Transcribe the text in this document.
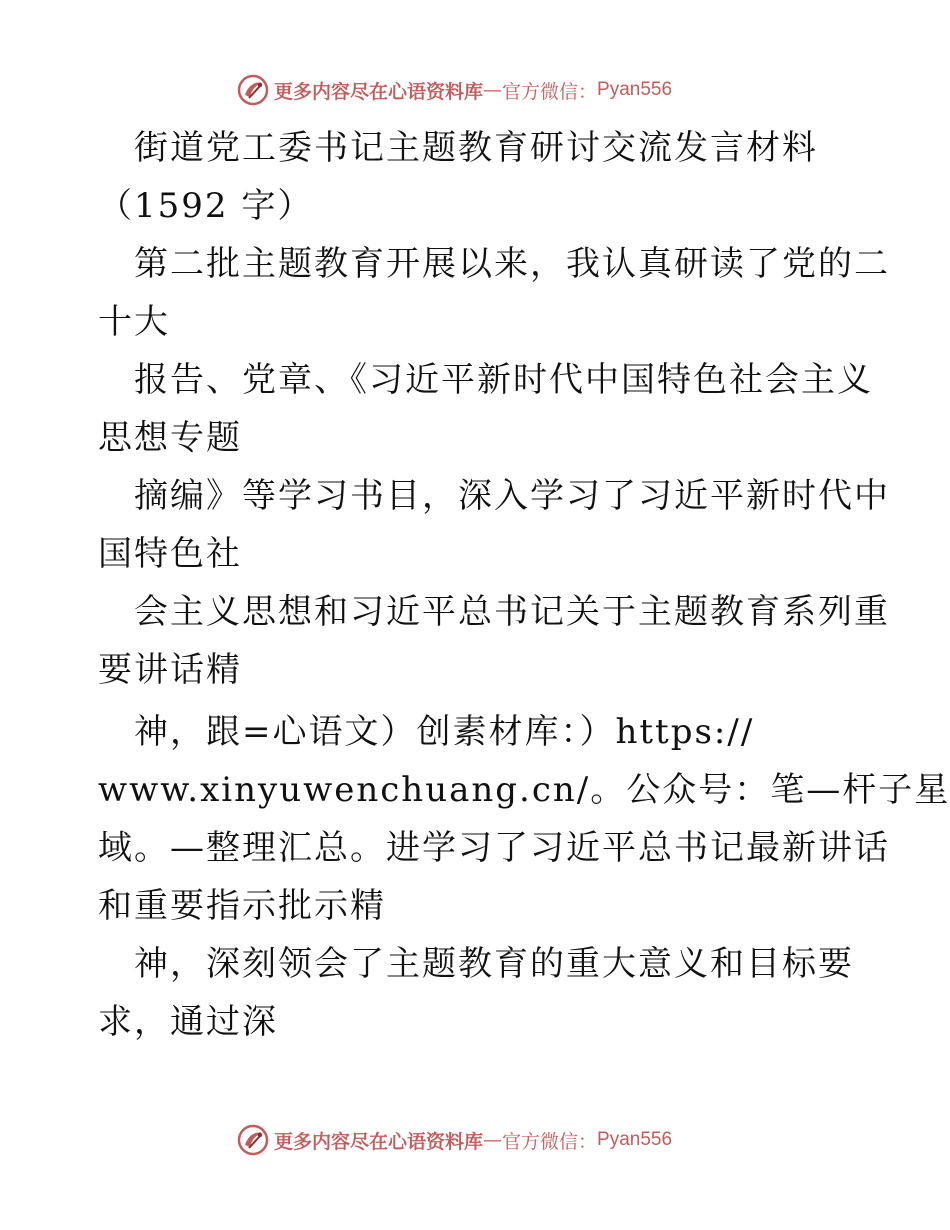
更多内容尽在心语资料库 — 官方微信： Pyan556
街道党工委书记主题教育研讨交流发言材料
（1592 字）
第二批主题教育开展以来，我认真研读了党的二
十大
报告、党章、《习近平新时代中国特色社会主义
思想专题
摘编》等学习书目，深入学习了习近平新时代中
国特色社
会主义思想和习近平总书记关于主题教育系列重
要讲话精
神，跟=心语文）创素材库：）https://
www.xinyuwenchuang.cn/。公众号：笔—杆子星
域。—整理汇总。进学习了习近平总书记最新讲话
和重要指示批示精
神，深刻领会了主题教育的重大意义和目标要
求，通过深
更多内容尽在心语资料库 — 官方微信： Pyan556
